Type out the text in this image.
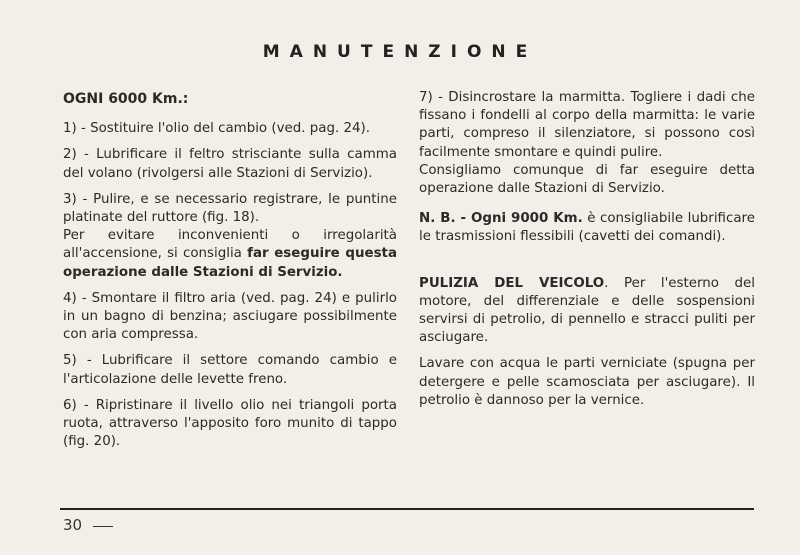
MANUTENZIONE
OGNI 6000 Km.:

1) - Sostituire l'olio del cambio (ved. pag. 24).

2) - Lubrificare il feltro strisciante sulla camma del volano (rivolgersi alle Stazioni di Servizio).

3) - Pulire, e se necessario registrare, le puntine platinate del ruttore (fig. 18).

Per evitare inconvenienti o irregolarità all'accensione, si consiglia far eseguire questa operazione dalle Stazioni di Servizio.

4) - Smontare il filtro aria (ved. pag. 24) e pulirlo in un bagno di benzina; asciugare possibilmente con aria compressa.

5) - Lubrificare il settore comando cambio e l'articolazione delle levette freno.

6) - Ripristinare il livello olio nei triangoli porta ruota, attraverso l'apposito foro munito di tappo (fig. 20).

7) - Disincrostare la marmitta. Togliere i dadi che fissano i fondelli al corpo della marmitta: le varie parti, compreso il silenziatore, si possono così facilmente smontare e quindi pulire.

Consigliamo comunque di far eseguire detta operazione dalle Stazioni di Servizio.

N. B. - Ogni 9000 Km. è consigliabile lubrificare le trasmissioni flessibili (cavetti dei comandi).

PULIZIA DEL VEICOLO. Per l'esterno del motore, del differenziale e delle sospensioni servirsi di petrolio, di pennello e stracci puliti per asciugare.

Lavare con acqua le parti verniciate (spugna per detergere e pelle scamosciata per asciugare). Il petrolio è dannoso per la vernice.

30
